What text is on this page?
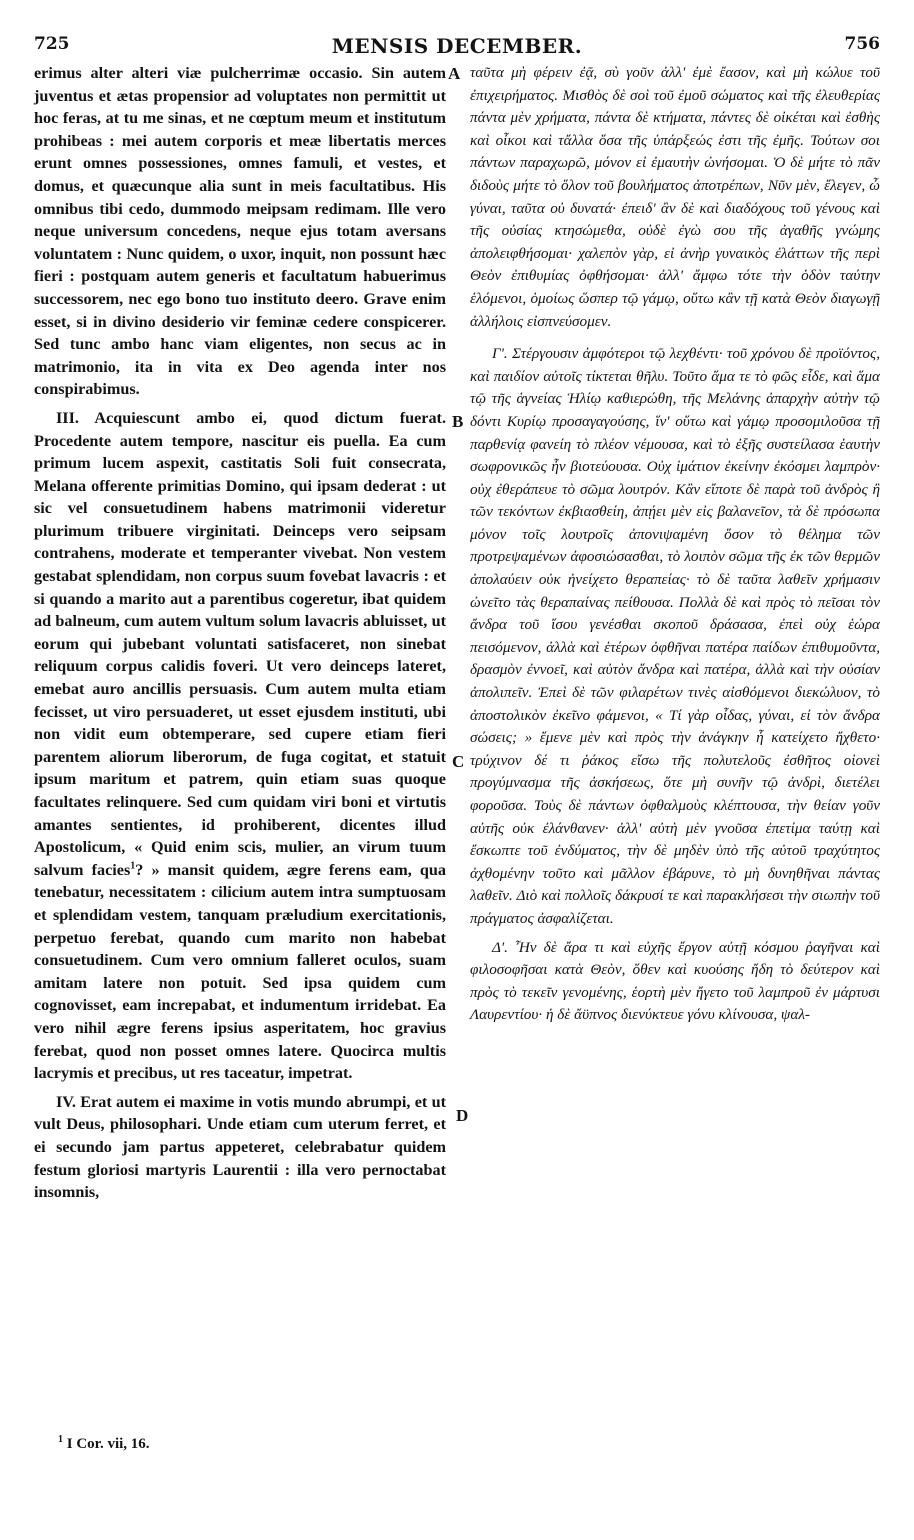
725	MENSIS DECEMBER.	756

erimus alter alteri viæ pulcherrimæ occasio. Sin autem juventus et ætas propensior ad voluptates non permittit ut hoc feras, at tu me sinas, et ne cœptum meum et institutum prohibeas : mei autem corporis et meæ libertatis merces erunt omnes possessiones, omnes famuli, et vestes, et domus, et quæcunque alia sunt in meis facultatibus. His omnibus tibi cedo, dummodo meipsam redimam. Ille vero neque universum concedens, neque ejus totam aversans voluntatem : Nunc quidem, o uxor, inquit, non possunt hæc fieri : postquam autem generis et facultatum habuerimus successorem, nec ego bono tuo instituto deero. Grave enim esset, si in divino desiderio vir feminæ cedere conspicerer. Sed tunc ambo hanc viam eligentes, non secus ac in matrimonio, ita in vita ex Deo agenda inter nos conspirabimus.

III. Acquiescunt ambo ei, quod dictum fuerat. Procedente autem tempore, nascitur eis puella. Ea cum primum lucem aspexit, castitatis Soli fuit consecrata, Melana offerente primitias Domino, qui ipsam dederat : ut sic vel consuetudinem habens matrimonii videretur plurimum tribuere virginitati. Deinceps vero seipsam contrahens, moderate et temperanter vivebat. Non vestem gestabat splendidam, non corpus suum fovebat lavacris : et si quando a marito aut a parentibus cogeretur, ibat quidem ad balneum, cum autem vultum solum lavacris abluisset, ut eorum qui jubebant voluntati satisfaceret, non sinebat reliquum corpus calidis foveri. Ut vero deinceps lateret, emebat auro ancillis persuasis. Cum autem multa etiam fecisset, ut viro persuaderet, ut esset ejusdem instituti, ubi non vidit eum obtemperare, sed cupere etiam fieri parentem aliorum liberorum, de fuga cogitat, et statuit ipsum maritum et patrem, quin etiam suas quoque facultates relinquere. Sed cum quidam viri boni et virtutis amantes sentientes, id prohiberent, dicentes illud Apostolicum, « Quid enim scis, mulier, an virum tuum salvum facies$^1$? » mansit quidem, ægre ferens eam, qua tenebatur, necessitatem : cilicium autem intra sumptuosam et splendidam vestem, tanquam præludium exercitationis, perpetuo ferebat, quando cum marito non habebat consuetudinem. Cum vero omnium falleret oculos, suam amitam latere non potuit. Sed ipsa quidem cum cognovisset, eam increpabat, et indumentum irridebat. Ea vero nihil ægre ferens ipsius asperitatem, hoc gravius ferebat, quod non posset omnes latere. Quocirca multis lacrymis et precibus, ut res taceatur, impetrat.

IV. Erat autem ei maxime in votis mundo abrumpi, et ut vult Deus, philosophari. Unde etiam cum uterum ferret, et ei secundo jam partus appeteret, celebrabatur quidem festum gloriosi martyris Laurentii : illa vero pernoctabat insomnis,

ταῦτα μὴ φέρειν ἐᾷ, σὺ γοῦν ἀλλ' ἐμὲ ἔασον, καὶ μὴ κώλυε τοῦ ἐπιχειρήματος. Μισθὸς δὲ σοὶ τοῦ ἐμοῦ σώματος καὶ τῆς ἐλευθερίας πάντα μὲν χρήματα, πάντα δὲ κτήματα, πάντες δὲ οἰκέται καὶ ἐσθὴς καὶ οἶκοι καὶ τἄλλα ὅσα τῆς ὑπάρξεώς ἐστι τῆς ἐμῆς. Τούτων σοι πάντων παραχωρῶ, μόνον εἰ ἐμαυτὴν ὠνήσομαι. Ὁ δὲ μήτε τὸ πᾶν διδοὺς μήτε τὸ ὅλον τοῦ βουλήματος ἀποτρέπων, Νῦν μὲν, ἔλεγεν, ὦ γύναι, ταῦτα οὐ δυνατά· ἐπειδ' ἂν δὲ καὶ διαδόχους τοῦ γένους καὶ τῆς οὐσίας κτησώμεθα, οὐδὲ ἐγὼ σου τῆς ἀγαθῆς γνώμης ἀπολειφθήσομαι· χαλεπὸν γὰρ, εἰ ἀνὴρ γυναικὸς ἐλάττων τῆς περὶ Θεὸν ἐπιθυμίας ὀφθήσομαι· ἀλλ' ἄμφω τότε τὴν ὁδὸν ταύτην ἑλόμενοι, ὁμοίως ὥσπερ τῷ γάμῳ, οὕτω κἂν τῇ κατὰ Θεὸν διαγωγῇ ἀλλήλοις εἰσπνεύσομεν.

Γ'. Στέργουσιν ἀμφότεροι τῷ λεχθέντι· τοῦ χρόνου δὲ προϊόντος, καὶ παιδίον αὐτοῖς τίκτεται θῆλυ. Τοῦτο ἅμα τε τὸ φῶς εἶδε, καὶ ἅμα τῷ τῆς ἁγνείας Ἡλίῳ καθιερώθη, τῆς Μελάνης ἀπαρχὴν αὐτὴν τῷ δόντι Κυρίῳ προσαγαγούσης, ἵν' οὕτω καὶ γάμῳ προσομιλοῦσα τῇ παρθενίᾳ φανείη τὸ πλέον νέμουσα, καὶ τὸ ἐξῆς συστείλασα ἑαυτὴν σωφρονικῶς ἦν βιοτεύουσα. Οὐχ ἱμάτιον ἐκείνην ἐκόσμει λαμπρὸν· οὐχ ἐθεράπευε τὸ σῶμα λουτρόν. Κἂν εἴποτε δὲ παρὰ τοῦ ἀνδρὸς ἢ τῶν τεκόντων ἐκβιασθείη, ἀπῄει μὲν εἰς βαλανεῖον, τὰ δὲ πρόσωπα μόνον τοῖς λουτροῖς ἀπονιψαμένη ὅσον τὸ θέλημα τῶν προτρεψαμένων ἀφοσιώσασθαι, τὸ λοιπὸν σῶμα τῆς ἐκ τῶν θερμῶν ἀπολαύειν οὐκ ἠνείχετο θεραπείας· τὸ δὲ ταῦτα λαθεῖν χρήμασιν ὠνεῖτο τὰς θεραπαίνας πείθουσα. Πολλὰ δὲ καὶ πρὸς τὸ πεῖσαι τὸν ἄνδρα τοῦ ἴσου γενέσθαι σκοποῦ δράσασα, ἐπεὶ οὐχ ἑώρα πεισόμενον, ἀλλὰ καὶ ἑτέρων ὀφθῆναι πατέρα παίδων ἐπιθυμοῦντα, δρασμὸν ἐννοεῖ, καὶ αὐτὸν ἄνδρα καὶ πατέρα, ἀλλὰ καὶ τὴν οὐσίαν ἀπολιπεῖν. Ἐπεὶ δὲ τῶν φιλαρέτων τινὲς αἰσθόμενοι διεκώλυον, τὸ ἀποστολικὸν ἐκεῖνο φάμενοι, « Τί γὰρ οἶδας, γύναι, εἰ τὸν ἄνδρα σώσεις; » ἔμενε μὲν καὶ πρὸς τὴν ἀνάγκην ἧ κατείχετο ἤχθετο· τρύχινον δέ τι ῥάκος εἴσω τῆς πολυτελοῦς ἐσθῆτος οἱονεὶ προγύμνασμα τῆς ἀσκήσεως, ὅτε μὴ συνῆν τῷ ἀνδρὶ, διετέλει φοροῦσα. Τοὺς δὲ πάντων ὀφθαλμοὺς κλέπτουσα, τὴν θείαν γοῦν αὐτῆς οὐκ ἐλάνθανεν· ἀλλ' αὐτὴ μὲν γνοῦσα ἐπετίμα ταύτῃ καὶ ἔσκωπτε τοῦ ἐνδύματος, τὴν δὲ μηδὲν ὑπὸ τῆς αὐτοῦ τραχύτητος ἀχθομένην τοῦτο καὶ μᾶλλον ἐβάρυνε, τὸ μὴ δυνηθῆναι πάντας λαθεῖν. Διὸ καὶ πολλοῖς δάκρυσί τε καὶ παρακλήσεσι τὴν σιωπὴν τοῦ πράγματος ἀσφαλίζεται.

Δ'. Ἦν δὲ ἄρα τι καὶ εὐχῆς ἔργον αὐτῇ κόσμου ῥαγῆναι καὶ φιλοσοφῆσαι κατὰ Θεὸν, ὅθεν καὶ κυούσης ἤδη τὸ δεύτερον καὶ πρὸς τὸ τεκεῖν γενομένης, ἑορτὴ μὲν ἤγετο τοῦ λαμπροῦ ἐν μάρτυσι Λαυρεντίου· ἡ δὲ ἄϋπνος διενύκτευε γόνυ κλίνουσα, ψαλ-

A
B
C
D
$^1$ I Cor. vii, 16.
